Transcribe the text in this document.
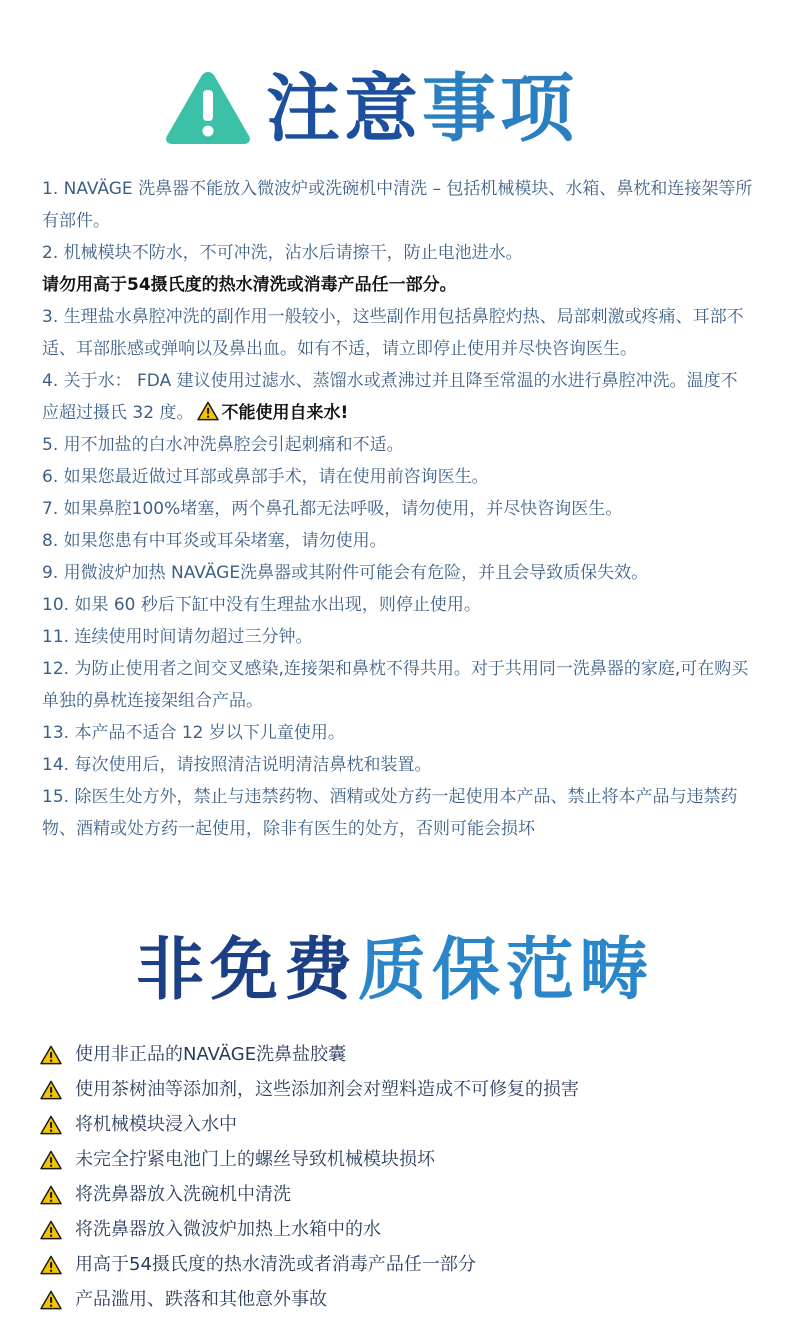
注意事项
1. NAVÄGE 洗鼻器不能放入微波炉或洗碗机中清洗 – 包括机械模块、水箱、鼻枕和连接架等所有部件。
2. 机械模块不防水，不可冲洗，沾水后请擦干，防止电池进水。
请勿用高于54摄氏度的热水清洗或消毒产品任一部分。
3. 生理盐水鼻腔冲洗的副作用一般较小，这些副作用包括鼻腔灼热、局部刺激或疼痛、耳部不适、耳部胀感或弹响以及鼻出血。如有不适，请立即停止使用并尽快咨询医生。
4. 关于水： FDA 建议使用过滤水、蒸馏水或煮沸过并且降至常温的水进行鼻腔冲洗。温度不应超过摄氏 32 度。 不能使用自来水!
5. 用不加盐的白水冲洗鼻腔会引起刺痛和不适。
6. 如果您最近做过耳部或鼻部手术，请在使用前咨询医生。
7. 如果鼻腔100%堵塞，两个鼻孔都无法呼吸，请勿使用，并尽快咨询医生。
8. 如果您患有中耳炎或耳朵堵塞，请勿使用。
9. 用微波炉加热 NAVÄGE洗鼻器或其附件可能会有危险，并且会导致质保失效。
10. 如果 60 秒后下缸中没有生理盐水出现，则停止使用。
11. 连续使用时间请勿超过三分钟。
12. 为防止使用者之间交叉感染,连接架和鼻枕不得共用。对于共用同一洗鼻器的家庭,可在购买单独的鼻枕连接架组合产品。
13. 本产品不适合 12 岁以下儿童使用。
14. 每次使用后，请按照清洁说明清洁鼻枕和装置。
15. 除医生处方外，禁止与违禁药物、酒精或处方药一起使用本产品、禁止将本产品与违禁药物、酒精或处方药一起使用，除非有医生的处方，否则可能会损坏
非免费质保范畴
使用非正品的NAVÄGE洗鼻盐胶囊
使用茶树油等添加剂，这些添加剂会对塑料造成不可修复的损害
将机械模块浸入水中
未完全拧紧电池门上的螺丝导致机械模块损坏
将洗鼻器放入洗碗机中清洗
将洗鼻器放入微波炉加热上水箱中的水
用高于54摄氏度的热水清洗或者消毒产品任一部分
产品滥用、跌落和其他意外事故
